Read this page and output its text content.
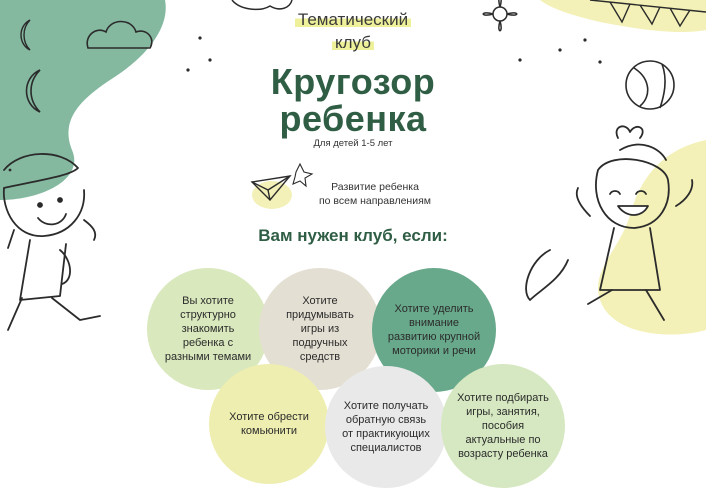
Тематический
клуб
Кругозор
ребенка
Для детей 1-5 лет
Развитие ребенка
по всем направлениям
Вам нужен клуб, если:
Вы хотите структурно знакомить ребенка с разными темами
Хотите придумывать игры из подручных средств
Хотите уделить внимание развитию крупной моторики и речи
Хотите обрести комьюнити
Хотите получать обратную связь от практикующих специалистов
Хотите подбирать игры, занятия, пособия актуальные по возрасту ребенка
